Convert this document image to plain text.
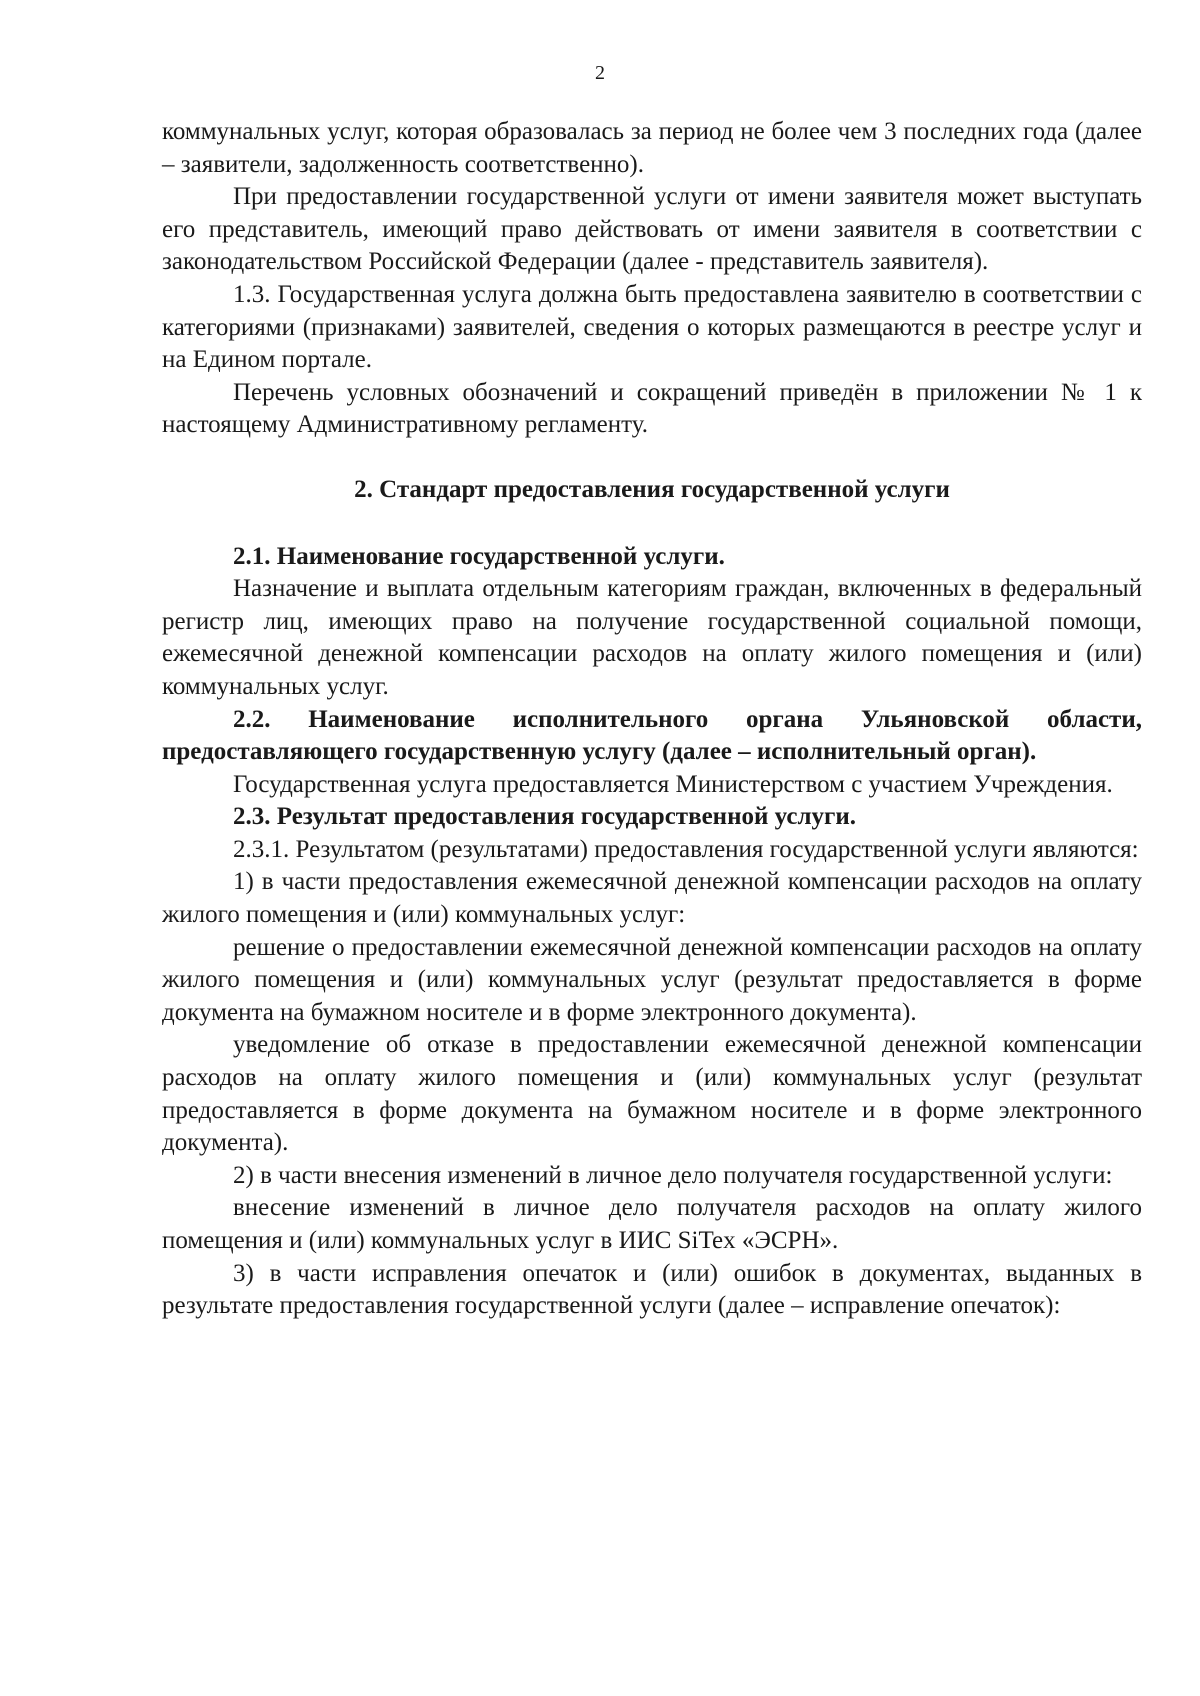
2

коммунальных услуг, которая образовалась за период не более чем 3 последних года (далее – заявители, задолженность соответственно).

При предоставлении государственной услуги от имени заявителя может выступать его представитель, имеющий право действовать от имени заявителя в соответствии с законодательством Российской Федерации (далее - представитель заявителя).

1.3. Государственная услуга должна быть предоставлена заявителю в соответствии с категориями (признаками) заявителей, сведения о которых размещаются в реестре услуг и на Едином портале.

Перечень условных обозначений и сокращений приведён в приложении № 1 к настоящему Административному регламенту.

2. Стандарт предоставления государственной услуги

2.1. Наименование государственной услуги.

Назначение и выплата отдельным категориям граждан, включенных в федеральный регистр лиц, имеющих право на получение государственной социальной помощи, ежемесячной денежной компенсации расходов на оплату жилого помещения и (или) коммунальных услуг.

2.2. Наименование исполнительного органа Ульяновской области, предоставляющего государственную услугу (далее – исполнительный орган).

Государственная услуга предоставляется Министерством с участием Учреждения.

2.3. Результат предоставления государственной услуги.

2.3.1. Результатом (результатами) предоставления государственной услуги являются:

1) в части предоставления ежемесячной денежной компенсации расходов на оплату жилого помещения и (или) коммунальных услуг:

решение о предоставлении ежемесячной денежной компенсации расходов на оплату жилого помещения и (или) коммунальных услуг (результат предоставляется в форме документа на бумажном носителе и в форме электронного документа).

уведомление об отказе в предоставлении ежемесячной денежной компенсации расходов на оплату жилого помещения и (или) коммунальных услуг (результат предоставляется в форме документа на бумажном носителе и в форме электронного документа).

2) в части внесения изменений в личное дело получателя государственной услуги:

внесение изменений в личное дело получателя расходов на оплату жилого помещения и (или) коммунальных услуг в ИИС SiTex «ЭСРН».

3) в части исправления опечаток и (или) ошибок в документах, выданных в результате предоставления государственной услуги (далее – исправление опечаток):
